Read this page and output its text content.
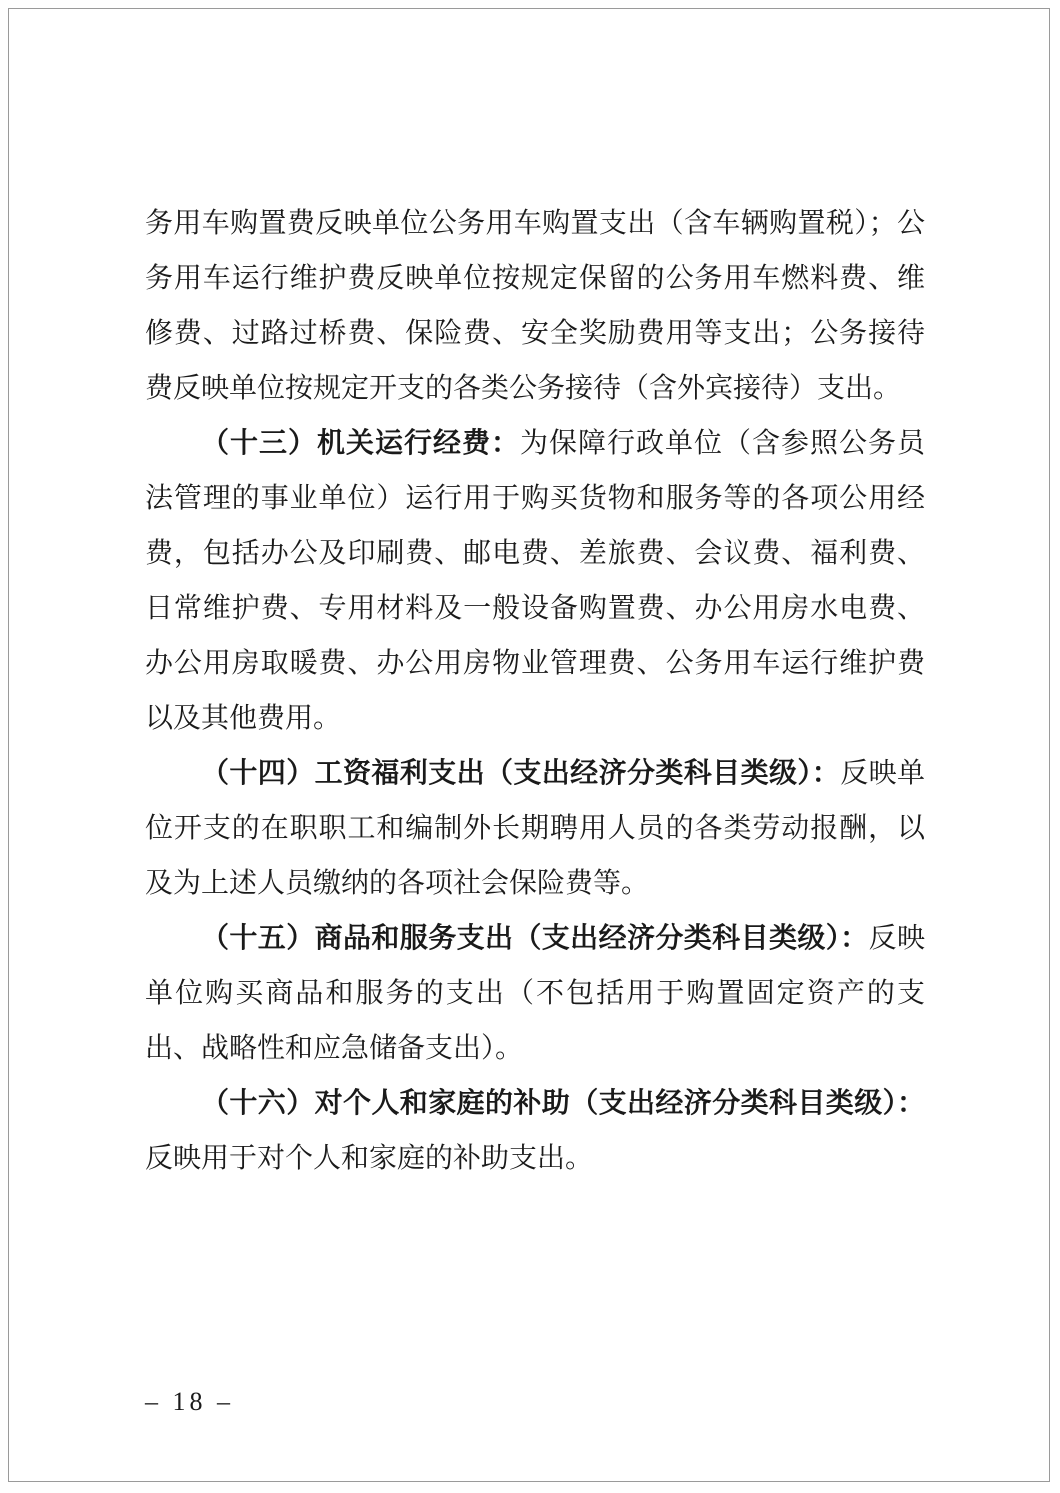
务用车购置费反映单位公务用车购置支出（含车辆购置税）；公务用车运行维护费反映单位按规定保留的公务用车燃料费、维修费、过路过桥费、保险费、安全奖励费用等支出；公务接待费反映单位按规定开支的各类公务接待（含外宾接待）支出。

（十三）机关运行经费：为保障行政单位（含参照公务员法管理的事业单位）运行用于购买货物和服务等的各项公用经费，包括办公及印刷费、邮电费、差旅费、会议费、福利费、日常维护费、专用材料及一般设备购置费、办公用房水电费、办公用房取暖费、办公用房物业管理费、公务用车运行维护费以及其他费用。

（十四）工资福利支出（支出经济分类科目类级）：反映单位开支的在职职工和编制外长期聘用人员的各类劳动报酬，以及为上述人员缴纳的各项社会保险费等。

（十五）商品和服务支出（支出经济分类科目类级）：反映单位购买商品和服务的支出（不包括用于购置固定资产的支出、战略性和应急储备支出）。

（十六）对个人和家庭的补助（支出经济分类科目类级）：反映用于对个人和家庭的补助支出。

– 18 –
